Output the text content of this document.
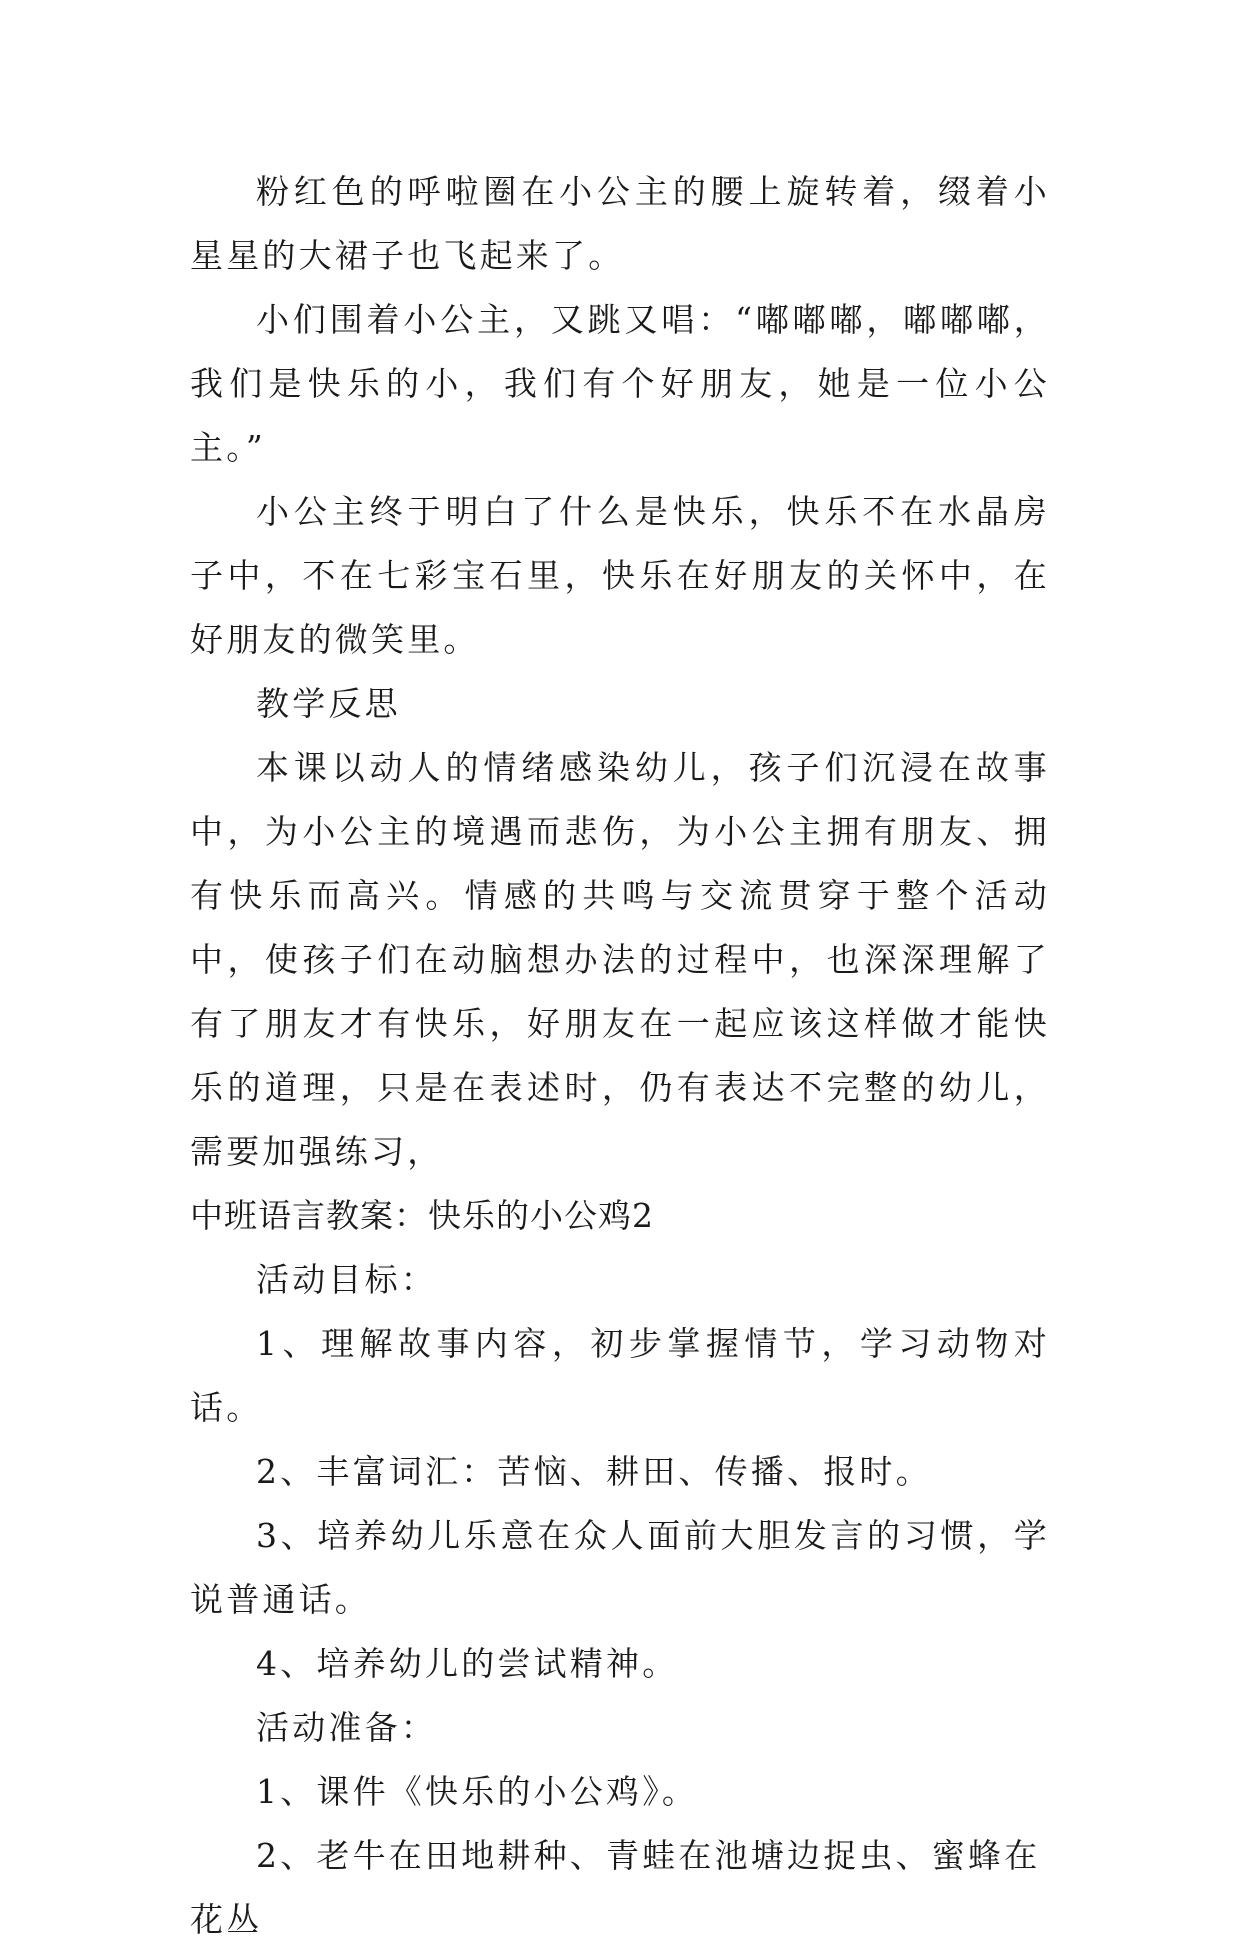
粉红色的呼啦圈在小公主的腰上旋转着，缀着小星星的大裙子也飞起来了。

小们围着小公主，又跳又唱：“嘟嘟嘟，嘟嘟嘟，我们是快乐的小，我们有个好朋友，她是一位小公主。”

小公主终于明白了什么是快乐，快乐不在水晶房子中，不在七彩宝石里，快乐在好朋友的关怀中，在好朋友的微笑里。

教学反思

本课以动人的情绪感染幼儿，孩子们沉浸在故事中，为小公主的境遇而悲伤，为小公主拥有朋友、拥有快乐而高兴。情感的共鸣与交流贯穿于整个活动中，使孩子们在动脑想办法的过程中，也深深理解了有了朋友才有快乐，好朋友在一起应该这样做才能快乐的道理，只是在表述时，仍有表达不完整的幼儿，需要加强练习，

中班语言教案：快乐的小公鸡2

活动目标：

1、理解故事内容，初步掌握情节，学习动物对话。

2、丰富词汇：苦恼、耕田、传播、报时。

3、培养幼儿乐意在众人面前大胆发言的习惯，学说普通话。

4、培养幼儿的尝试精神。

活动准备：

1、课件《快乐的小公鸡》。

2、老牛在田地耕种、青蛙在池塘边捉虫、蜜蜂在花丛
